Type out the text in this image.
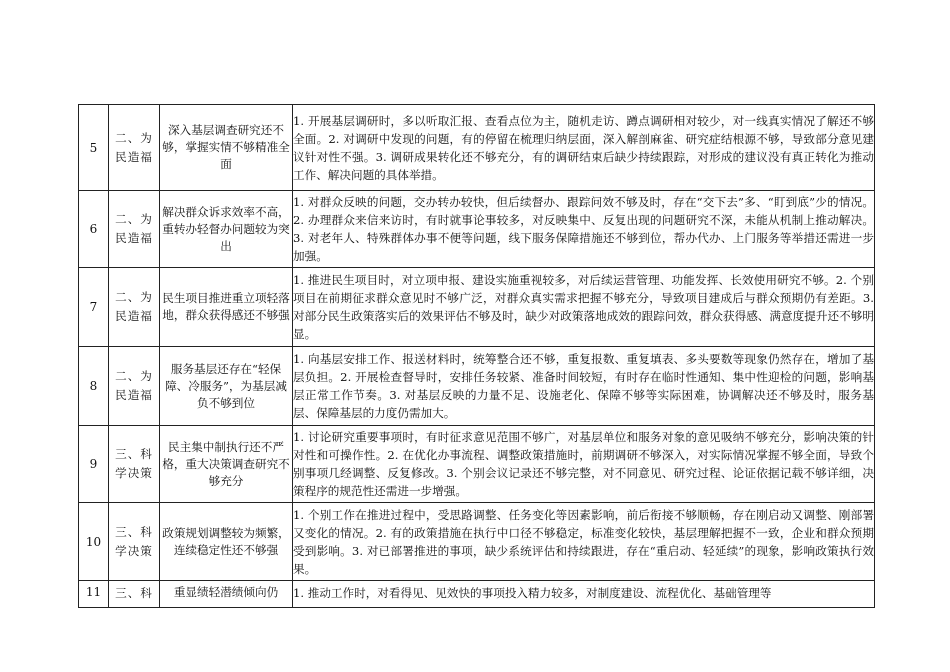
5	二、为民造福	深入基层调查研究还不够，掌握实情不够精准全面	1. 开展基层调研时，多以听取汇报、查看点位为主，随机走访、蹲点调研相对较少，对一线真实情况了解还不够全面。2. 对调研中发现的问题，有的停留在梳理归纳层面，深入解剖麻雀、研究症结根源不够，导致部分意见建议针对性不强。3. 调研成果转化还不够充分，有的调研结束后缺少持续跟踪，对形成的建议没有真正转化为推动工作、解决问题的具体举措。
6	二、为民造福	解决群众诉求效率不高，重转办轻督办问题较为突出	1. 对群众反映的问题，交办转办较快，但后续督办、跟踪问效不够及时，存在“交下去”多、“盯到底”少的情况。2. 办理群众来信来访时，有时就事论事较多，对反映集中、反复出现的问题研究不深，未能从机制上推动解决。3. 对老年人、特殊群体办事不便等问题，线下服务保障措施还不够到位，帮办代办、上门服务等举措还需进一步加强。
7	二、为民造福	民生项目推进重立项轻落地，群众获得感还不够强	1. 推进民生项目时，对立项申报、建设实施重视较多，对后续运营管理、功能发挥、长效使用研究不够。2. 个别项目在前期征求群众意见时不够广泛，对群众真实需求把握不够充分，导致项目建成后与群众预期仍有差距。3. 对部分民生政策落实后的效果评估不够及时，缺少对政策落地成效的跟踪问效，群众获得感、满意度提升还不够明显。
8	二、为民造福	服务基层还存在“轻保障、冷服务”，为基层减负不够到位	1. 向基层安排工作、报送材料时，统筹整合还不够，重复报数、重复填表、多头要数等现象仍然存在，增加了基层负担。2. 开展检查督导时，安排任务较紧、准备时间较短，有时存在临时性通知、集中性迎检的问题，影响基层正常工作节奏。3. 对基层反映的力量不足、设施老化、保障不够等实际困难，协调解决还不够及时，服务基层、保障基层的力度仍需加大。
9	三、科学决策	民主集中制执行还不严格，重大决策调查研究不够充分	1. 讨论研究重要事项时，有时征求意见范围不够广，对基层单位和服务对象的意见吸纳不够充分，影响决策的针对性和可操作性。2. 在优化办事流程、调整政策措施时，前期调研不够深入，对实际情况掌握不够全面，导致个别事项几经调整、反复修改。3. 个别会议记录还不够完整，对不同意见、研究过程、论证依据记载不够详细，决策程序的规范性还需进一步增强。
10	三、科学决策	政策规划调整较为频繁，连续稳定性还不够强	1. 个别工作在推进过程中，受思路调整、任务变化等因素影响，前后衔接不够顺畅，存在刚启动又调整、刚部署又变化的情况。2. 有的政策措施在执行中口径不够稳定，标准变化较快，基层理解把握不一致，企业和群众预期受到影响。3. 对已部署推进的事项，缺少系统评估和持续跟进，存在“重启动、轻延续”的现象，影响政策执行效果。
11	三、科	重显绩轻潜绩倾向仍	1. 推动工作时，对看得见、见效快的事项投入精力较多，对制度建设、流程优化、基础管理等
